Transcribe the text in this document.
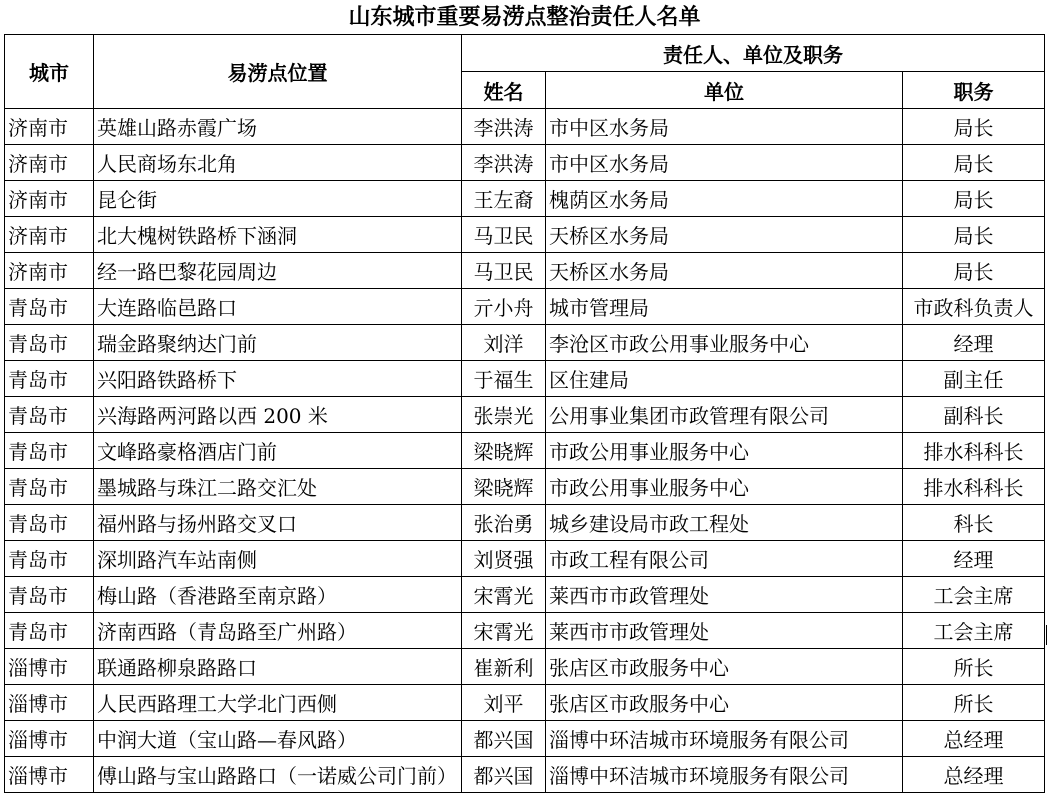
山东城市重要易涝点整治责任人名单
城市	易涝点位置	责任人、单位及职务		
		姓名	单位	职务
济南市	英雄山路赤霞广场	李洪涛	市中区水务局	局长
济南市	人民商场东北角	李洪涛	市中区水务局	局长
济南市	昆仑街	王左裔	槐荫区水务局	局长
济南市	北大槐树铁路桥下涵洞	马卫民	天桥区水务局	局长
济南市	经一路巴黎花园周边	马卫民	天桥区水务局	局长
青岛市	大连路临邑路口	亓小舟	城市管理局	市政科负责人
青岛市	瑞金路聚纳达门前	刘洋	李沧区市政公用事业服务中心	经理
青岛市	兴阳路铁路桥下	于福生	区住建局	副主任
青岛市	兴海路两河路以西 200 米	张崇光	公用事业集团市政管理有限公司	副科长
青岛市	文峰路豪格酒店门前	梁晓辉	市政公用事业服务中心	排水科科长
青岛市	墨城路与珠江二路交汇处	梁晓辉	市政公用事业服务中心	排水科科长
青岛市	福州路与扬州路交叉口	张治勇	城乡建设局市政工程处	科长
青岛市	深圳路汽车站南侧	刘贤强	市政工程有限公司	经理
青岛市	梅山路（香港路至南京路）	宋霄光	莱西市市政管理处	工会主席
青岛市	济南西路（青岛路至广州路）	宋霄光	莱西市市政管理处	工会主席
淄博市	联通路柳泉路路口	崔新利	张店区市政服务中心	所长
淄博市	人民西路理工大学北门西侧	刘平	张店区市政服务中心	所长
淄博市	中润大道（宝山路—春风路）	都兴国	淄博中环洁城市环境服务有限公司	总经理
淄博市	傅山路与宝山路路口（一诺威公司门前）	都兴国	淄博中环洁城市环境服务有限公司	总经理
